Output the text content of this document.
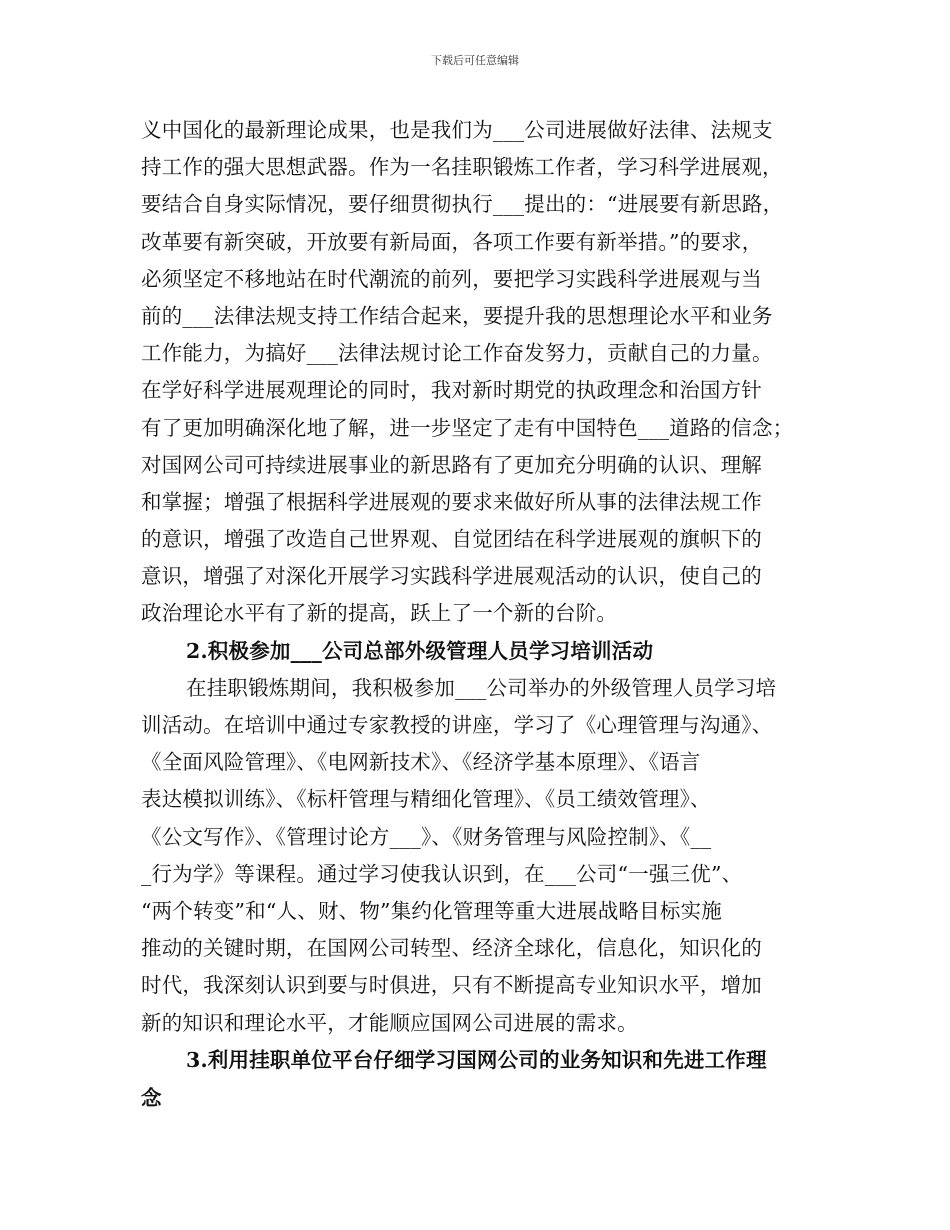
下载后可任意编辑
义中国化的最新理论成果，也是我们为___公司进展做好法律、法规支
持工作的强大思想武器。作为一名挂职锻炼工作者，学习科学进展观，
要结合自身实际情况，要仔细贯彻执行___提出的：“进展要有新思路，
改革要有新突破，开放要有新局面，各项工作要有新举措。”的要求，
必须坚定不移地站在时代潮流的前列，要把学习实践科学进展观与当
前的___法律法规支持工作结合起来，要提升我的思想理论水平和业务
工作能力，为搞好___法律法规讨论工作奋发努力，贡献自己的力量。
在学好科学进展观理论的同时，我对新时期党的执政理念和治国方针
有了更加明确深化地了解，进一步坚定了走有中国特色___道路的信念；
对国网公司可持续进展事业的新思路有了更加充分明确的认识、理解
和掌握；增强了根据科学进展观的要求来做好所从事的法律法规工作
的意识，增强了改造自己世界观、自觉团结在科学进展观的旗帜下的
意识，增强了对深化开展学习实践科学进展观活动的认识，使自己的
政治理论水平有了新的提高，跃上了一个新的台阶。
2.积极参加___公司总部外级管理人员学习培训活动
在挂职锻炼期间，我积极参加___公司举办的外级管理人员学习培
训活动。在培训中通过专家教授的讲座，学习了《心理管理与沟通》、
《全面风险管理》、《电网新技术》、《经济学基本原理》、《语言
表达模拟训练》、《标杆管理与精细化管理》、《员工绩效管理》、
《公文写作》、《管理讨论方___》、《财务管理与风险控制》、《__
_行为学》等课程。通过学习使我认识到，在___公司“一强三优”、
“两个转变”和“人、财、物”集约化管理等重大进展战略目标实施
推动的关键时期，在国网公司转型、经济全球化，信息化，知识化的
时代，我深刻认识到要与时俱进，只有不断提高专业知识水平，增加
新的知识和理论水平，才能顺应国网公司进展的需求。
3.利用挂职单位平台仔细学习国网公司的业务知识和先进工作理
念
